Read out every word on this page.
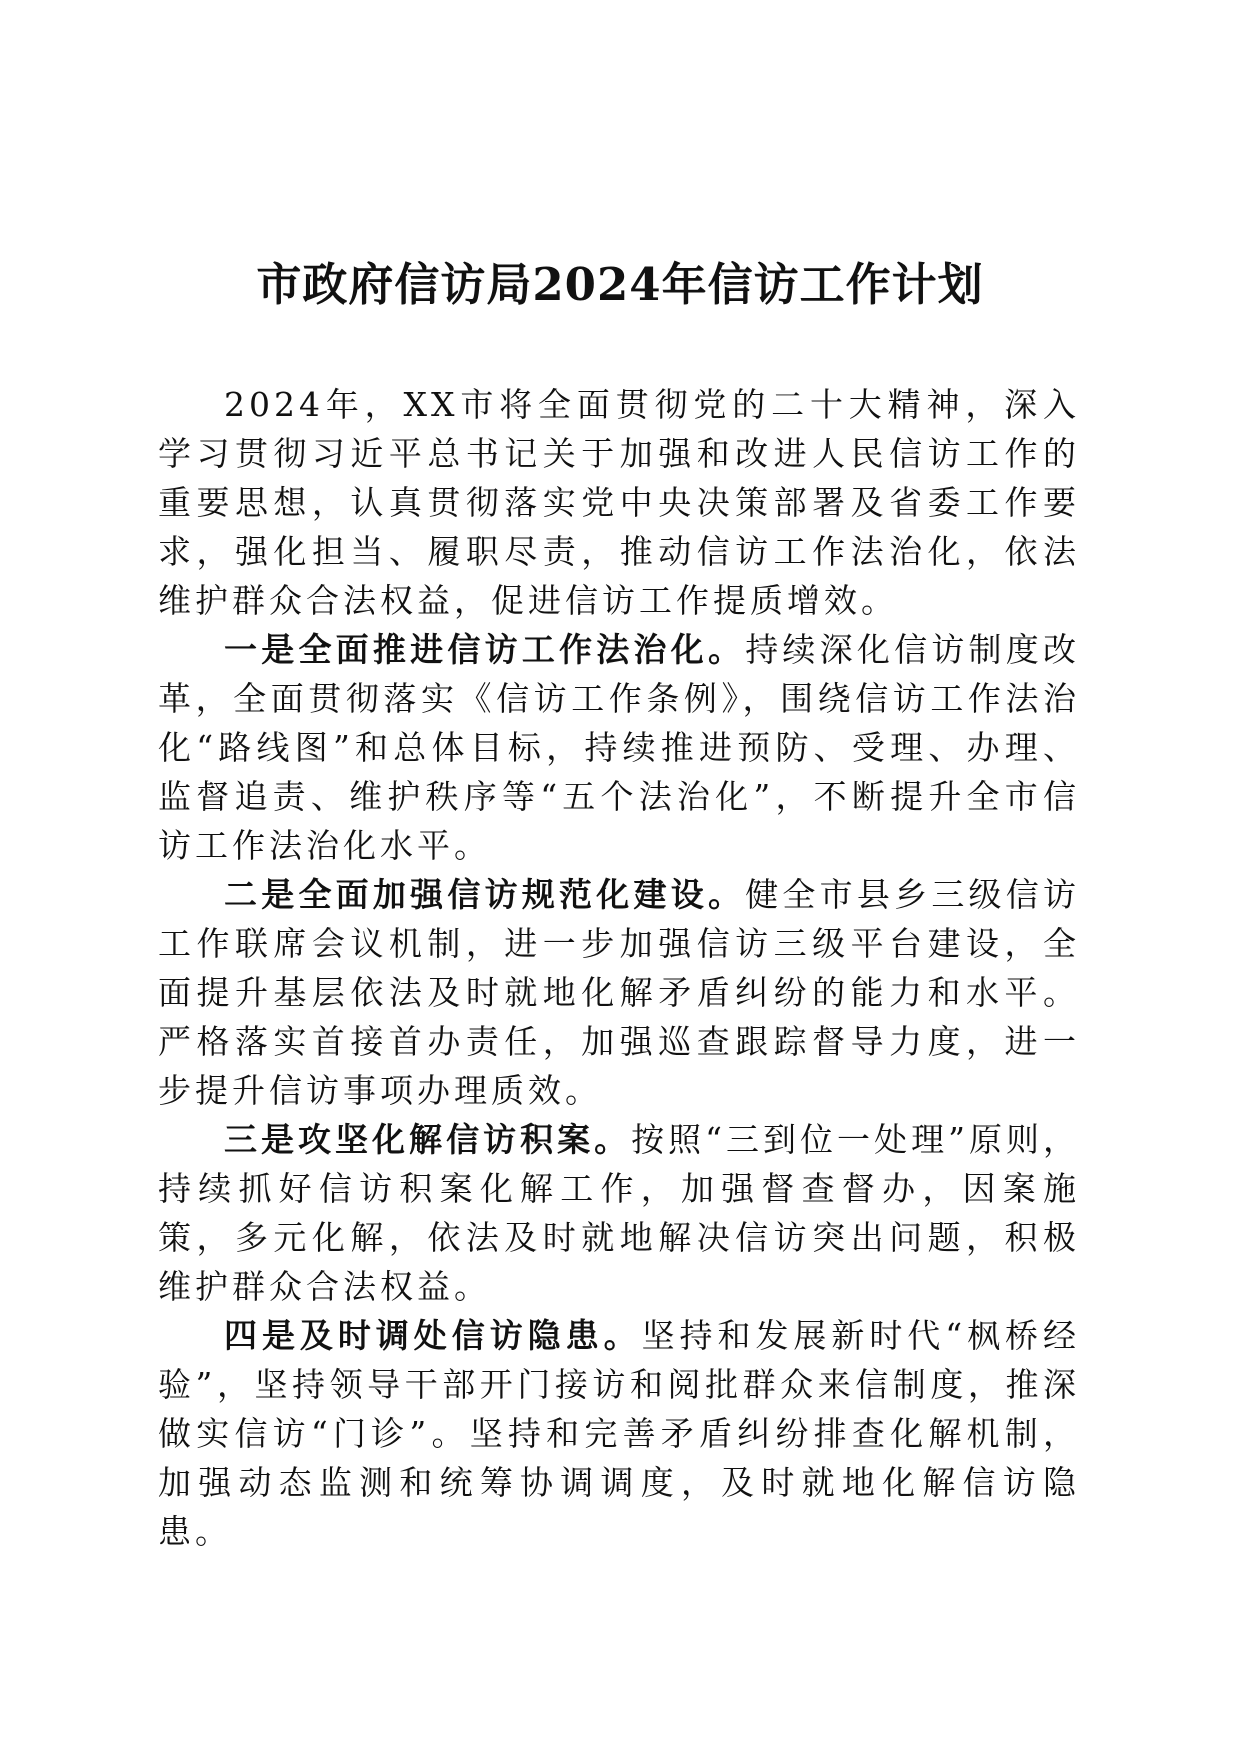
市政府信访局2024年信访工作计划

2024年，XX市将全面贯彻党的二十大精神，深入学习贯彻习近平总书记关于加强和改进人民信访工作的重要思想，认真贯彻落实党中央决策部署及省委工作要求，强化担当、履职尽责，推动信访工作法治化，依法维护群众合法权益，促进信访工作提质增效。

一是全面推进信访工作法治化。持续深化信访制度改革，全面贯彻落实《信访工作条例》，围绕信访工作法治化“路线图”和总体目标，持续推进预防、受理、办理、监督追责、维护秩序等“五个法治化”，不断提升全市信访工作法治化水平。

二是全面加强信访规范化建设。健全市县乡三级信访工作联席会议机制，进一步加强信访三级平台建设，全面提升基层依法及时就地化解矛盾纠纷的能力和水平。严格落实首接首办责任，加强巡查跟踪督导力度，进一步提升信访事项办理质效。

三是攻坚化解信访积案。按照“三到位一处理”原则，持续抓好信访积案化解工作，加强督查督办，因案施策，多元化解，依法及时就地解决信访突出问题，积极维护群众合法权益。

四是及时调处信访隐患。坚持和发展新时代“枫桥经验”，坚持领导干部开门接访和阅批群众来信制度，推深做实信访“门诊”。坚持和完善矛盾纠纷排查化解机制，加强动态监测和统筹协调调度，及时就地化解信访隐患。
